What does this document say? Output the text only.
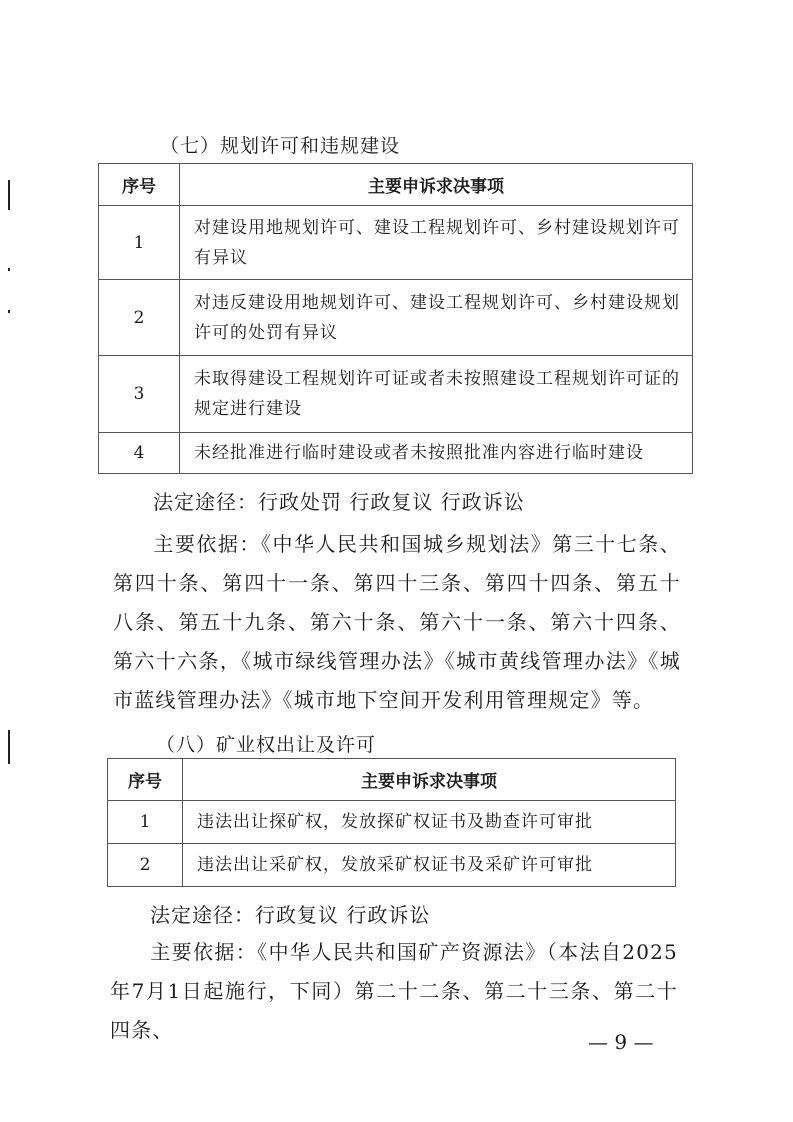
（七）规划许可和违规建设
序号	主要申诉求决事项
1	对建设用地规划许可、建设工程规划许可、乡村建设规划许可有异议
2	对违反建设用地规划许可、建设工程规划许可、乡村建设规划许可的处罚有异议
3	未取得建设工程规划许可证或者未按照建设工程规划许可证的规定进行建设
4	未经批准进行临时建设或者未按照批准内容进行临时建设
法定途径：行政处罚 行政复议 行政诉讼
主要依据：《中华人民共和国城乡规划法》第三十七条、第四十条、第四十一条、第四十三条、第四十四条、第五十八条、第五十九条、第六十条、第六十一条、第六十四条、第六十六条，《城市绿线管理办法》《城市黄线管理办法》《城市蓝线管理办法》《城市地下空间开发利用管理规定》等。
（八）矿业权出让及许可
序号	主要申诉求决事项
1	违法出让探矿权，发放探矿权证书及勘查许可审批
2	违法出让采矿权，发放采矿权证书及采矿许可审批
法定途径：行政复议 行政诉讼
主要依据：《中华人民共和国矿产资源法》（本法自2025年7月1日起施行，下同）第二十二条、第二十三条、第二十四条、	— 9 —
